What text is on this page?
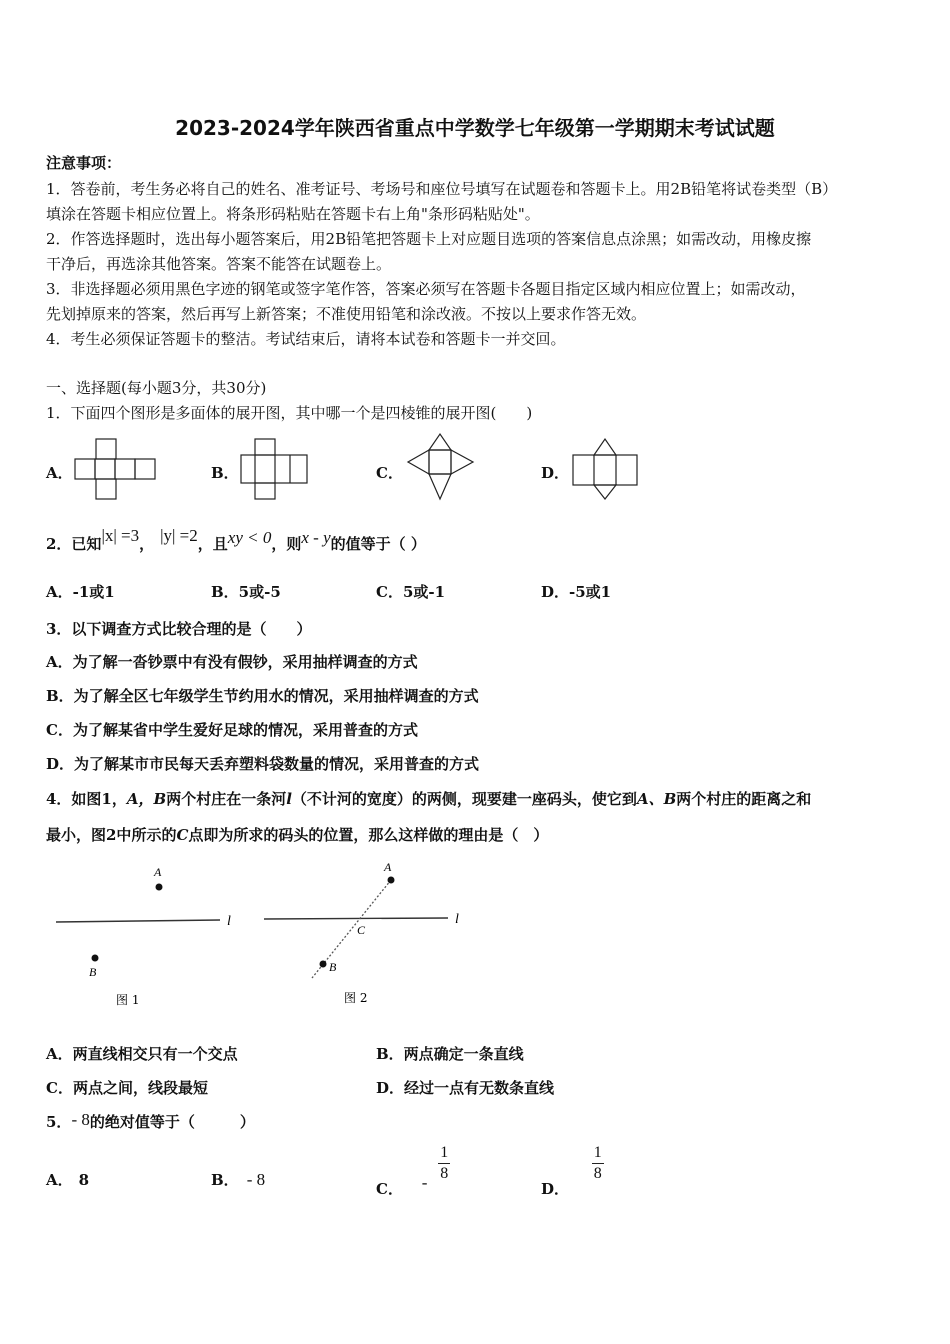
2023-2024学年陕西省重点中学数学七年级第一学期期末考试试题
注意事项：
1．答卷前，考生务必将自己的姓名、准考证号、考场号和座位号填写在试题卷和答题卡上。用2B铅笔将试卷类型（B）
填涂在答题卡相应位置上。将条形码粘贴在答题卡右上角"条形码粘贴处"。
2．作答选择题时，选出每小题答案后，用2B铅笔把答题卡上对应题目选项的答案信息点涂黑；如需改动，用橡皮擦
干净后，再选涂其他答案。答案不能答在试题卷上。
3．非选择题必须用黑色字迹的钢笔或签字笔作答，答案必须写在答题卡各题目指定区域内相应位置上；如需改动，
先划掉原来的答案，然后再写上新答案；不准使用铅笔和涂改液。不按以上要求作答无效。
4．考生必须保证答题卡的整洁。考试结束后，请将本试卷和答题卡一并交回。
一、选择题(每小题3分，共30分)
1．下面四个图形是多面体的展开图，其中哪一个是四棱锥的展开图(　　)
A．	B．	C．	D．
2．已知|x| =3， |y| =2，且xy < 0，则x - y的值等于（ ）
A．-1或1	B．5或-5	C．5或-1	D．-5或1
3．以下调查方式比较合理的是（　　）
A．为了解一沓钞票中有没有假钞，采用抽样调查的方式
B．为了解全区七年级学生节约用水的情况，采用抽样调查的方式
C．为了解某省中学生爱好足球的情况，采用普查的方式
D．为了解某市市民每天丢弃塑料袋数量的情况，采用普查的方式
4．如图1，A，B两个村庄在一条河l（不计河的宽度）的两侧，现要建一座码头，使它到A、B两个村庄的距离之和
最小，图2中所示的C点即为所求的码头的位置，那么这样做的理由是（　）
A
B
l
图 1
A
B
C
l
图 2
A．两直线相交只有一个交点	B．两点确定一条直线
C．两点之间，线段最短	D．经过一点有无数条直线
5．- 8的绝对值等于（　　　）
A． 8	B． - 8	C． - $\frac{1}{8}$
D．
$\frac{1}{8}$
